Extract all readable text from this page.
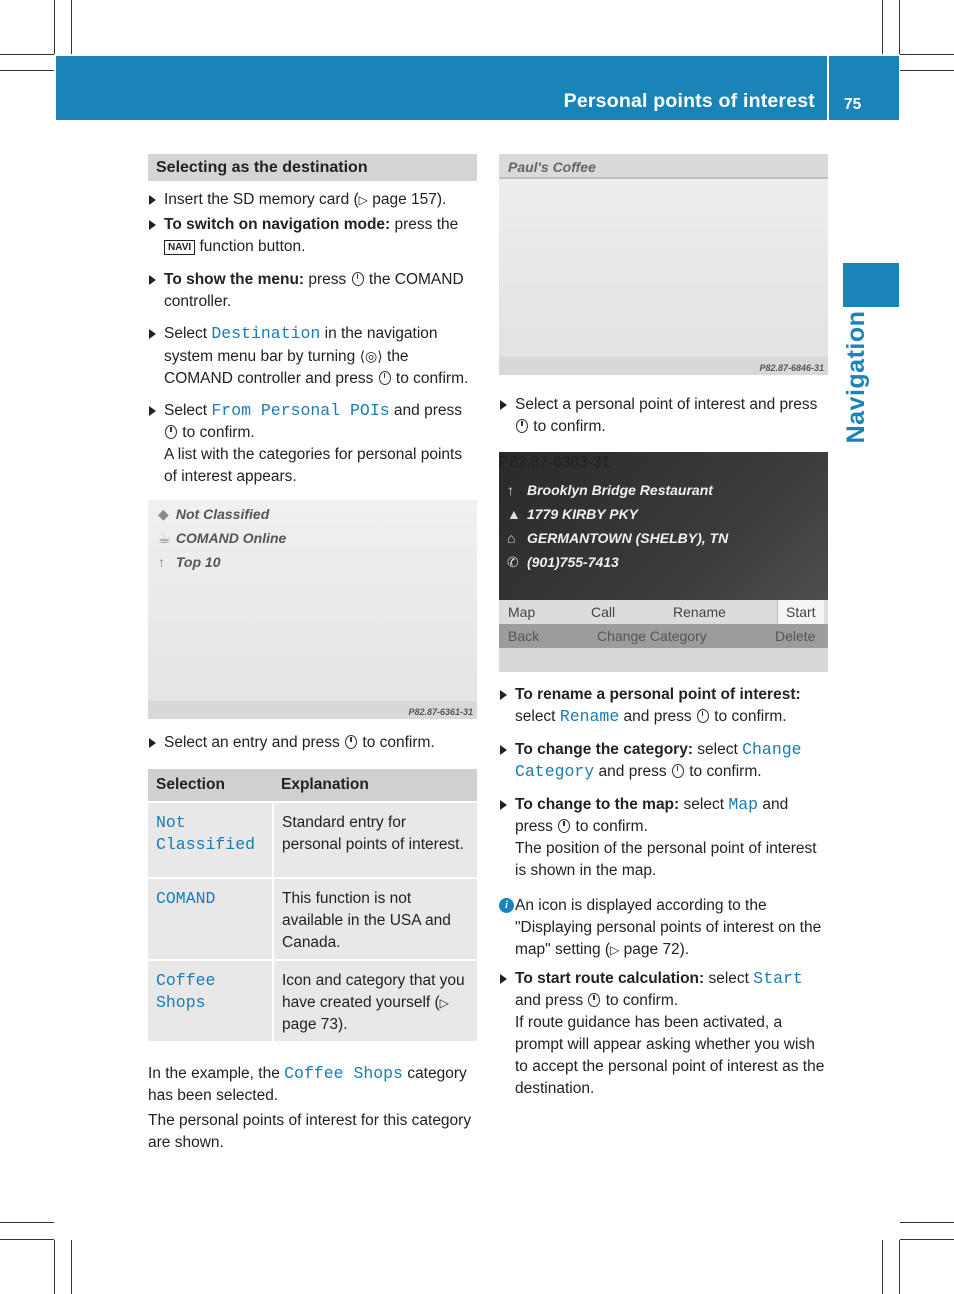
Personal points of interest 75
Navigation
Selecting as the destination
Insert the SD memory card (▷ page 157).
To switch on navigation mode: press the
NAVI function button.
To show the menu: press  the COMAND controller.
Select Destination in the navigation system menu bar by turning ⟨◎⟩ the COMAND controller and press  to confirm.
Select From Personal POIs and press
to confirm.
A list with the categories for personal points of interest appears.
◆ Not Classified
☕ COMAND Online
↑ Top 10
P82.87-6361-31
Select an entry and press  to confirm.
Selection	Explanation

Not Classified	Standard entry for personal points of interest.
COMAND	This function is not available in the USA and Canada.
Coffee Shops	Icon and category that you have created yourself (▷ page 73).

In the example, the Coffee Shops category has been selected.

The personal points of interest for this category are shown.

Paul's Coffee
P82.87-6846-31
Select a personal point of interest and press  to confirm.
↑ Brooklyn Bridge Restaurant
▲ 1779 KIRBY PKY
⌂ GERMANTOWN (SHELBY), TN
✆ (901)755-7413
Map	Call	Rename	Start
Back	Change Category	Delete
P82.87-6363-31
To rename a personal point of interest:
select Rename and press  to confirm.
To change the category: select Change Category and press  to confirm.
To change to the map: select Map and press  to confirm.
The position of the personal point of interest is shown in the map.
i An icon is displayed according to the "Displaying personal points of interest on the map" setting (▷ page 72).
To start route calculation: select Start and press  to confirm.
If route guidance has been activated, a prompt will appear asking whether you wish to accept the personal point of interest as the destination.
